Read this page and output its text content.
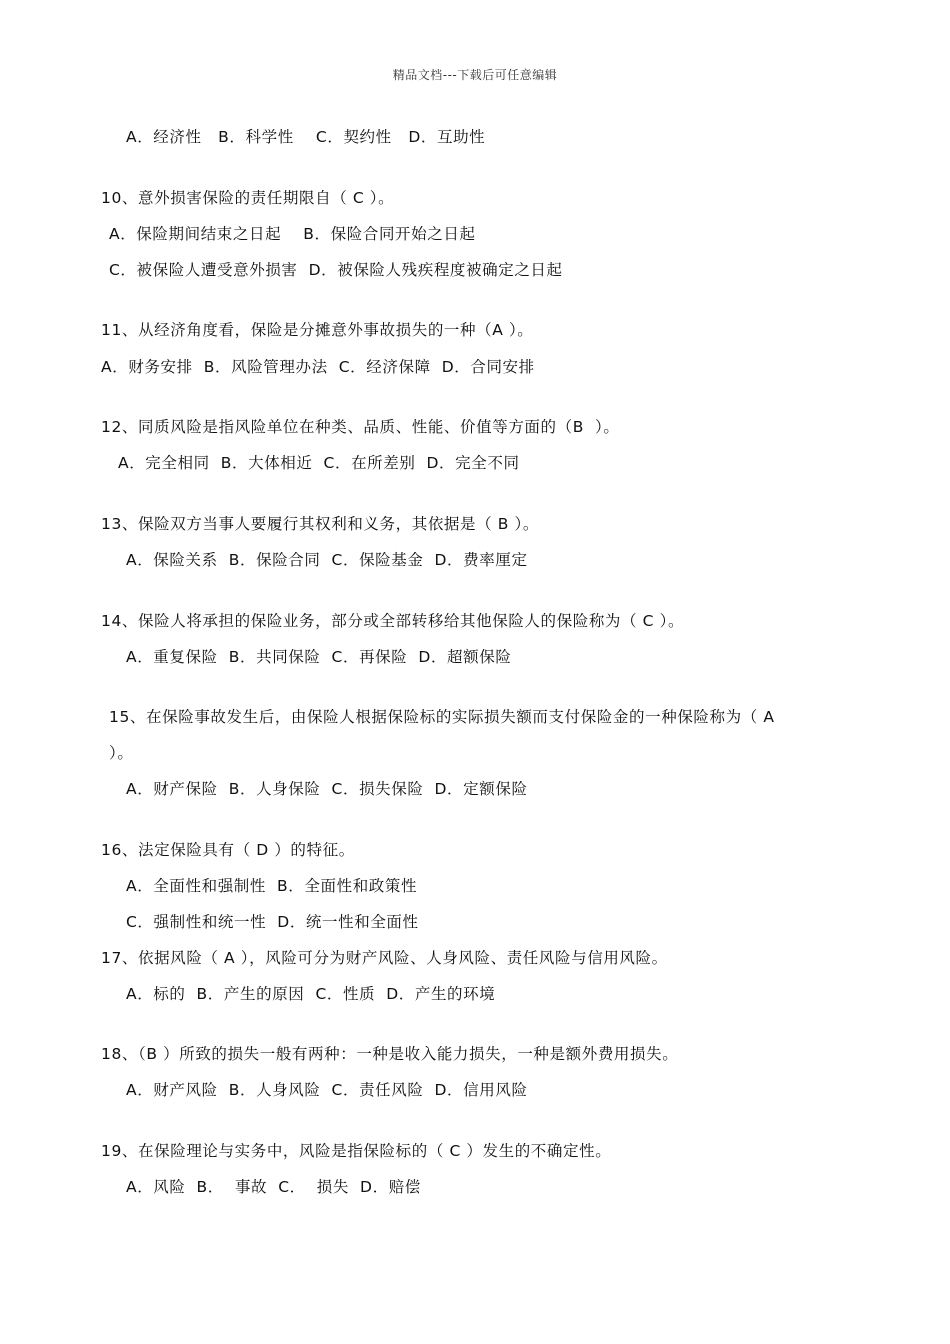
精品文档---下载后可任意编辑
A．经济性   B．科学性    C．契约性   D．互助性
10、意外损害保险的责任期限自（ C ）。
A．保险期间结束之日起    B．保险合同开始之日起
C．被保险人遭受意外损害  D．被保险人残疾程度被确定之日起
11、从经济角度看，保险是分摊意外事故损失的一种（A ）。
A．财务安排  B．风险管理办法  C．经济保障  D．合同安排
12、同质风险是指风险单位在种类、品质、性能、价值等方面的（B  ）。
A．完全相同  B．大体相近  C．在所差别  D．完全不同
13、保险双方当事人要履行其权利和义务，其依据是（ B ）。
A．保险关系  B．保险合同  C．保险基金  D．费率厘定
14、保险人将承担的保险业务，部分或全部转移给其他保险人的保险称为（ C ）。
A．重复保险  B．共同保险  C．再保险  D．超额保险
15、在保险事故发生后，由保险人根据保险标的实际损失额而支付保险金的一种保险称为（ A
）。
A．财产保险  B．人身保险  C．损失保险  D．定额保险
16、法定保险具有（ D ）的特征。
A．全面性和强制性  B．全面性和政策性
C．强制性和统一性  D．统一性和全面性
17、依据风险（ A ），风险可分为财产风险、人身风险、责任风险与信用风险。
A．标的  B．产生的原因  C．性质  D．产生的环境
18、（B ）所致的损失一般有两种：一种是收入能力损失，一种是额外费用损失。
A．财产风险  B．人身风险  C．责任风险  D．信用风险
19、在保险理论与实务中，风险是指保险标的（ C ）发生的不确定性。
A．风险  B．  事故  C．  损失  D．赔偿
